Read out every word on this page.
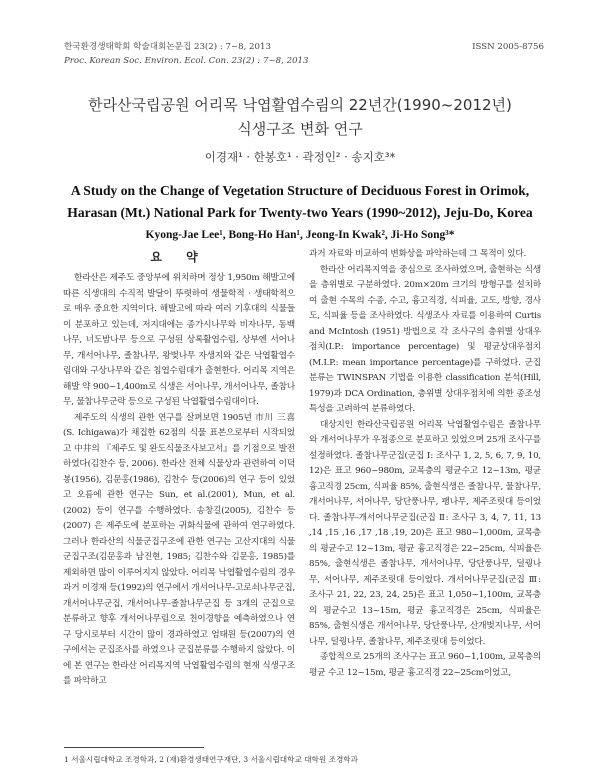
한국환경생태학회 학술대회논문집 23(2) : 7~8, 2013	ISSN 2005-8756
Proc. Korean Soc. Environ. Ecol. Con. 23(2) : 7~8, 2013
한라산국립공원 어리목 낙엽활엽수림의 22년간(1990~2012년)
식생구조 변화 연구
이경재¹ · 한봉호¹ · 곽정인² · 송지호³*
A Study on the Change of Vegetation Structure of Deciduous Forest in Orimok,
Harasan (Mt.) National Park for Twenty-two Years (1990~2012), Jeju-Do, Korea
Kyong-Jae Lee¹, Bong-Ho Han¹, Jeong-In Kwak², Ji-Ho Song³*
요 약

한라산은 제주도 중앙부에 위치하며 정상 1,950m 해발고에 따른 식생대의 수직적 발달이 뚜렷하여 생물학적 · 생태학적으로 매우 중요한 지역이다. 해발고에 따라 여러 기후대의 식물들이 분포하고 있는데, 저지대에는 종가시나무와 비자나무, 동백나무, 너도밤나무 등으로 구성된 상록활엽수림, 상부엔 서어나무, 개서어나무, 졸참나무, 왕벚나무 자생지와 같은 낙엽활엽수림대와 구상나무와 같은 침엽수림대가 출현한다. 어리목 지역은 해발 약 900~1,400m로 식생은 서어나무, 개서어나무, 졸참나무, 물참나무군락 등으로 구성된 낙엽활엽수림대이다.

제주도의 식생의 관한 연구를 살펴보면 1905년 市川 三喜(S. Ichigawa)가 채집한 62점의 식물 표본으로부터 시작되었고 中井의 『제주도 및 완도식물조사보고서』를 기점으로 발전하였다(김찬수 등, 2006). 한라산 전체 식물상과 관련하여 이덕봉(1956), 김문홍(1986), 김찬수 등(2006)의 연구 등이 있었고 오름에 관한 연구는 Sun, et al.(2001), Mun, et al.(2002) 등이 연구를 수행하였다. 송창길(2005), 김찬수 등(2007) 은 제주도에 분포하는 귀화식물에 관하여 연구하였다. 그러나 한라산의 식물군집구조에 관한 연구는 고산지대의 식물군집구조(김문홍과 남진현, 1985; 김찬수와 김문홍, 1985)를 제외하면 많이 이루어지지 않았다. 어리목 낙엽활엽수림의 경우 과거 이경재 등(1992)의 연구에서 개서어나무-고로쇠나무군집, 개서어나무군집, 개서어나무-졸참나무군집 등 3개의 군집으로 분류하고 향후 개서어나무림으로 천이경향을 예측하였으나 연구 당시로부터 시간이 많이 경과하였고 엄태원 등(2007)의 연구에서는 군집조사를 하였으나 군집분류를 수행하지 않았다. 이에 본 연구는 한라산 어리목지역 낙엽활엽수림의 현재 식생구조를 파악하고

과거 자료와 비교하여 변화상을 파악하는데 그 목적이 있다.

한라산 어리목지역을 중심으로 조사하였으며, 출현하는 식생을 층위별로 구분하였다. 20m×20m 크기의 방형구를 설치하여 출현 수목의 수종, 수고, 흉고직경, 식피율, 고도, 방향, 경사도, 식피율 등을 조사하였다. 식생조사 자료를 이용하여 Curtis and McIntosh (1951) 방법으로 각 조사구의 층위별 상대우점치(I.P.: importance percentage) 및 평균상대우점치(M.I.P.: mean importance percentage)를 구하였다. 군집분류는 TWINSPAN 기법을 이용한 classification 분석(Hill, 1979)과 DCA Ordination, 층위별 상대우점치에 의한 종조성 특성을 고려하여 분류하였다.

대상지인 한라산국립공원 어리목 낙엽활엽수림은 졸참나무와 개서어나무가 우점종으로 분포하고 있었으며 25개 조사구를 설정하였다. 졸참나무군집(군집 Ⅰ: 조사구 1, 2, 5, 6, 7, 9, 10, 12)은 표고 960~980m, 교목층의 평균수고 12~13m, 평균 흉고직경 25cm, 식피율 85%, 출현식생은 졸참나무, 물참나무, 개서어나무, 서어나무, 당단풍나무, 팽나무, 제주조릿대 등이었다. 졸참나무-개서어나무군집(군집 Ⅱ: 조사구 3, 4, 7, 11, 13 ,14 ,15 ,16 ,17 ,18 ,19, 20)은 표고 980~1,000m, 교목층의 평균수고 12~13m, 평균 흉고직경은 22~25cm, 식피율은 85%, 출현식생은 졸참나무, 개서어나무, 당단풍나무, 덜꿩나무, 서어나무, 제주조릿대 등이었다. 개서어나무군집(군집 Ⅲ: 조사구 21, 22, 23, 24, 25)은 표고 1,050~1,100m, 교목층의 평균수고 13~15m, 평균 흉고직경은 25cm, 식피율은 85%, 출현식생은 개서어나무, 당단풍나무, 산개벚지나무, 서어나무, 덜꿩나무, 졸참나무, 제주조릿대 등이었다.

종합적으로 25개의 조사구는 표고 960~1,100m, 교목층의 평균 수고 12~15m, 평균 흉고직경 22~25cm이었고,

1 서울시립대학교 조경학과, 2 (재)환경생태연구재단, 3 서울시립대학교 대학원 조경학과
